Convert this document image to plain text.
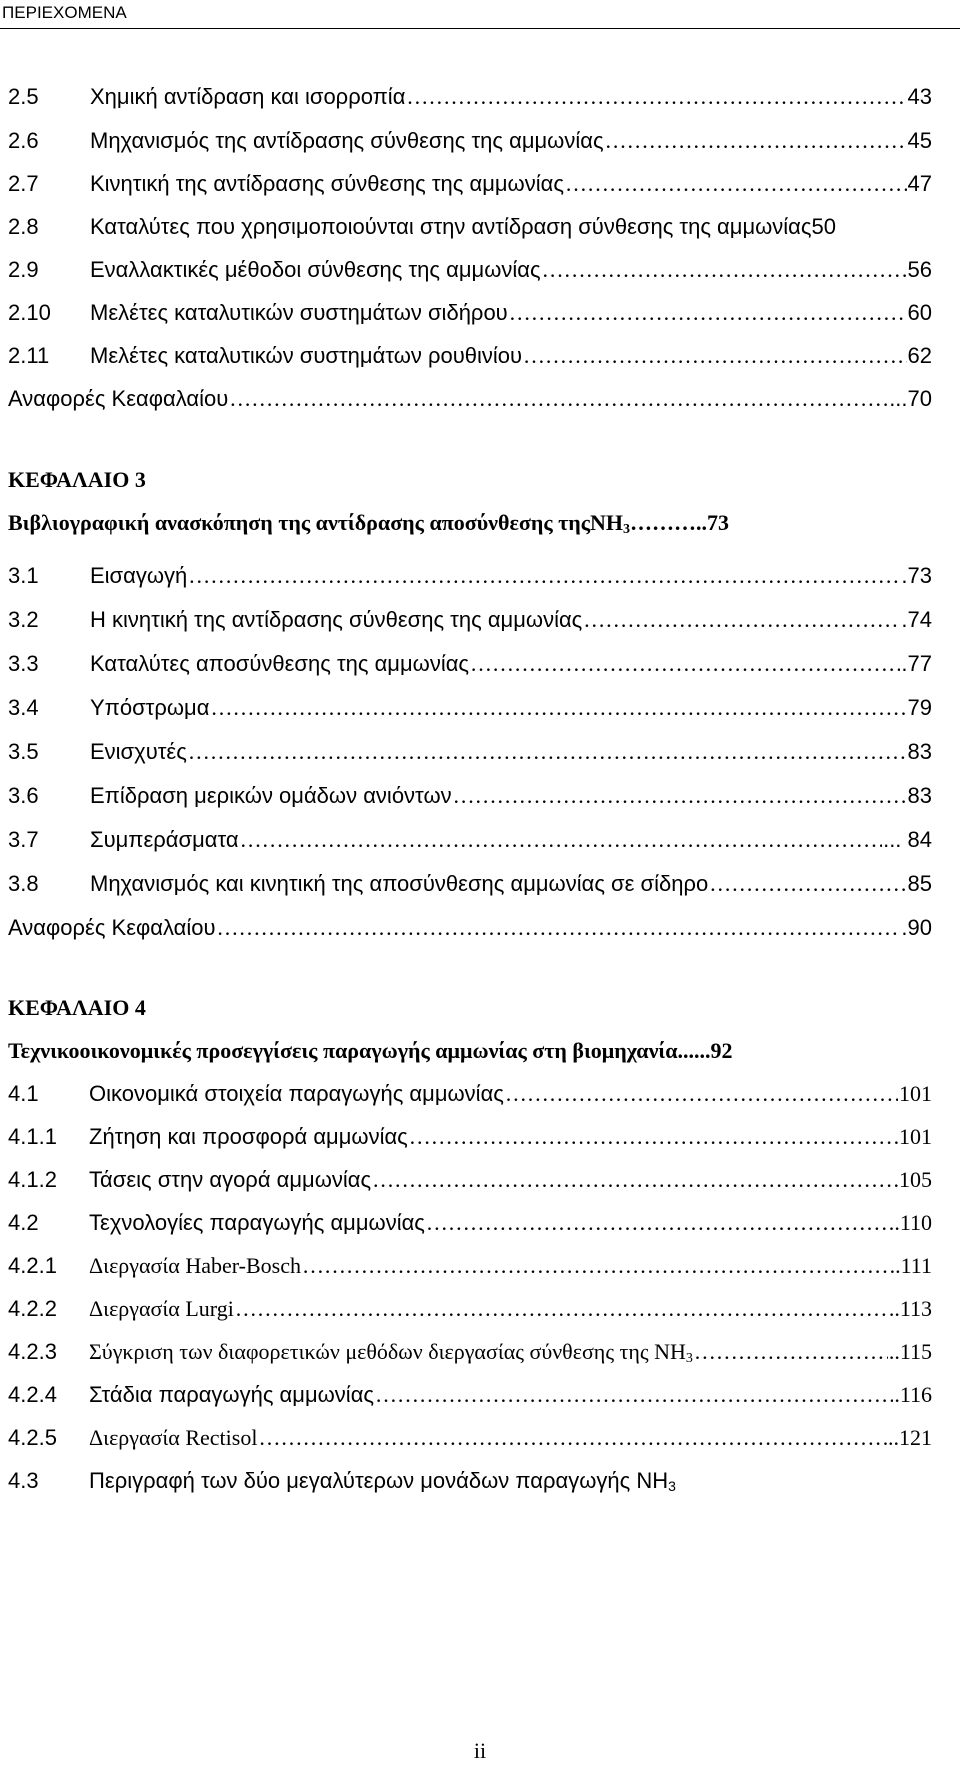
ΠΕΡΙΕΧΟΜΕΝΑ
2.5	Χημική αντίδραση και ισορροπία …………………………………………………………………………………………………………	43
2.6	Μηχανισμός της αντίδρασης σύνθεσης της αμμωνίας …………………………………………………………………………………………………………	45
2.7	Κινητική της αντίδρασης σύνθεσης της αμμωνίας …………………………………………………………………………………………………………	47
2.8	Καταλύτες που χρησιμοποιούνται στην αντίδραση σύνθεσης της αμμωνίας 50
2.9	Εναλλακτικές μέθοδοι σύνθεσης της αμμωνίας …………………………………………………………………………………………………………	56
2.10	Μελέτες καταλυτικών συστημάτων σιδήρου …………………………………………………………………………………………………………	60
2.11	Μελέτες καταλυτικών συστημάτων ρουθινίου …………………………………………………………………………………………………………	62
Αναφορές Κεαφαλαίου …………………………………………………………………………………………………………	...70
ΚΕΦΑΛΑΙΟ 3
Βιβλιογραφική ανασκόπηση της αντίδρασης αποσύνθεσης τηςNH$_3$ ………..73
3.1	Εισαγωγή …………………………………………………………………………………………………………	.73
3.2	Η κινητική της αντίδρασης σύνθεσης της αμμωνίας …………………………………………………………………………………………………………	.74
3.3	Καταλύτες αποσύνθεσης της αμμωνίας …………………………………………………………………………………………………………	.77
3.4	Υπόστρωμα …………………………………………………………………………………………………………	79
3.5	Ενισχυτές …………………………………………………………………………………………………………	83
3.6	Επίδραση μερικών ομάδων ανιόντων …………………………………………………………………………………………………………	83
3.7	Συμπεράσματα …………………………………………………………………………………………………………	... 84
3.8	Μηχανισμός και κινητική της αποσύνθεσης αμμωνίας σε σίδηρο …………………………………………………………………………………………………………	85
Αναφορές Κεφαλαίου …………………………………………………………………………………………………………	.90
ΚΕΦΑΛΑΙΟ 4
Τεχνικοοικονομικές προσεγγίσεις παραγωγής αμμωνίας στη βιομηχανία ......92
4.1	Οικονομικά στοιχεία παραγωγής αμμωνίας …………………………………………………………………………………………………………	101
4.1.1	Ζήτηση και προσφορά αμμωνίας …………………………………………………………………………………………………………	101
4.1.2	Τάσεις στην αγορά αμμωνίας …………………………………………………………………………………………………………	.105
4.2	Τεχνολογίες παραγωγής αμμωνίας …………………………………………………………………………………………………………	.110
4.2.1	Διεργασία Haber-Bosch …………………………………………………………………………………………………………	..111
4.2.2	Διεργασία Lurgi …………………………………………………………………………………………………………	..113
4.2.3	Σύγκριση των διαφορετικών μεθόδων διεργασίας σύνθεσης της $NH_3$ …………………………………………………………………………………………………………	..115
4.2.4	Στάδια παραγωγής αμμωνίας …………………………………………………………………………………………………………	.116
4.2.5	Διεργασία Rectisol …………………………………………………………………………………………………………	..121
4.3	Περιγραφή των δύο μεγαλύτερων μονάδων παραγωγής $NH_3$
ii
